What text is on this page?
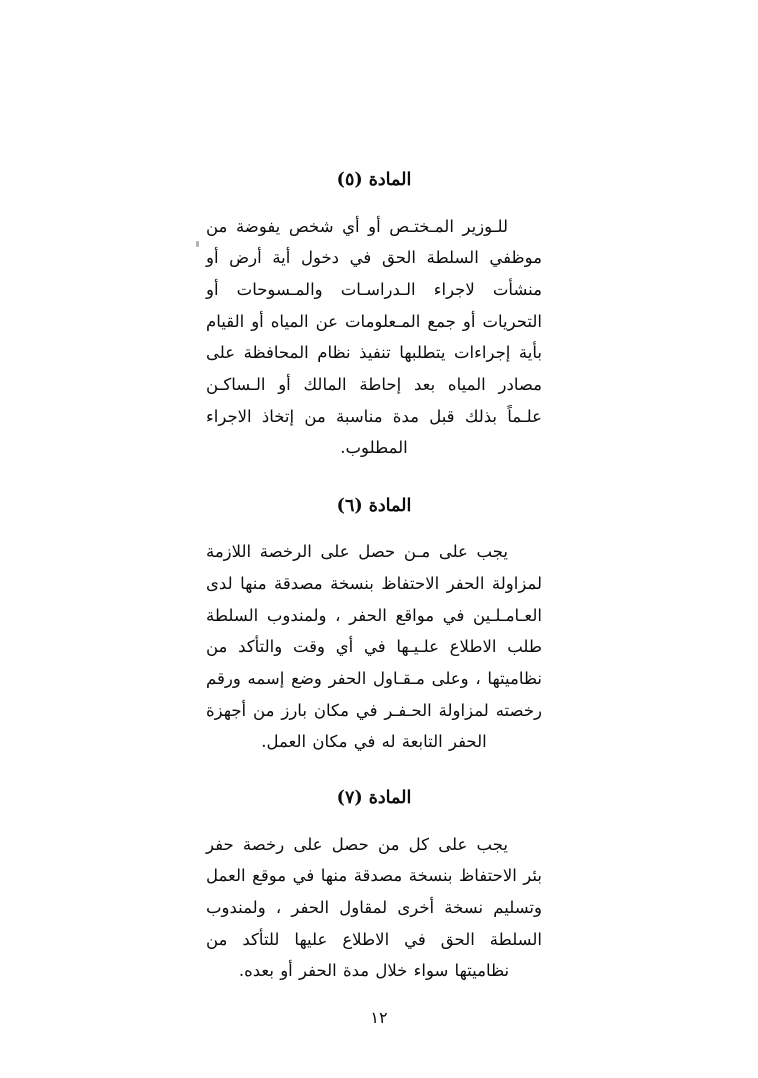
المادة (٥)

للـوزير المـختـص أو أي شخص يفوضة من موظفي السلطة الحق في دخول أية أرض أو منشأت لاجراء الـدراسـات والمـسوحات أو التحريات أو جمع المـعلومات عن المياه أو القيام بأية إجراءات يتطلبها تنفيذ نظام المحافظة على مصادر المياه بعد إحاطة المالك أو الـساكـن علـماً بذلك قبل مدة مناسبة من إتخاذ الاجراء المطلوب.

المادة (٦)

يجب على مـن حصل على الرخصة اللازمة لمزاولة الحفر الاحتفاظ بنسخة مصدقة منها لدى العـامـلـين في مواقع الحفر ، ولمندوب السلطة طلب الاطلاع علـيـها في أي وقت والتأكد من نظاميتها ، وعلى مـقـاول الحفر وضع إسمه ورقم رخصته لمزاولة الحـفـر في مكان بارز من أجهزة الحفر التابعة له في مكان العمل.

المادة (٧)

يجب على كل من حصل على رخصة حفر بئر الاحتفاظ بنسخة مصدقة منها في موقع العمل وتسليم نسخة أخرى لمقاول الحفر ، ولمندوب السلطة الحق في الاطلاع عليها للتأكد من نظاميتها سواء خلال مدة الحفر أو بعده.

١٢
